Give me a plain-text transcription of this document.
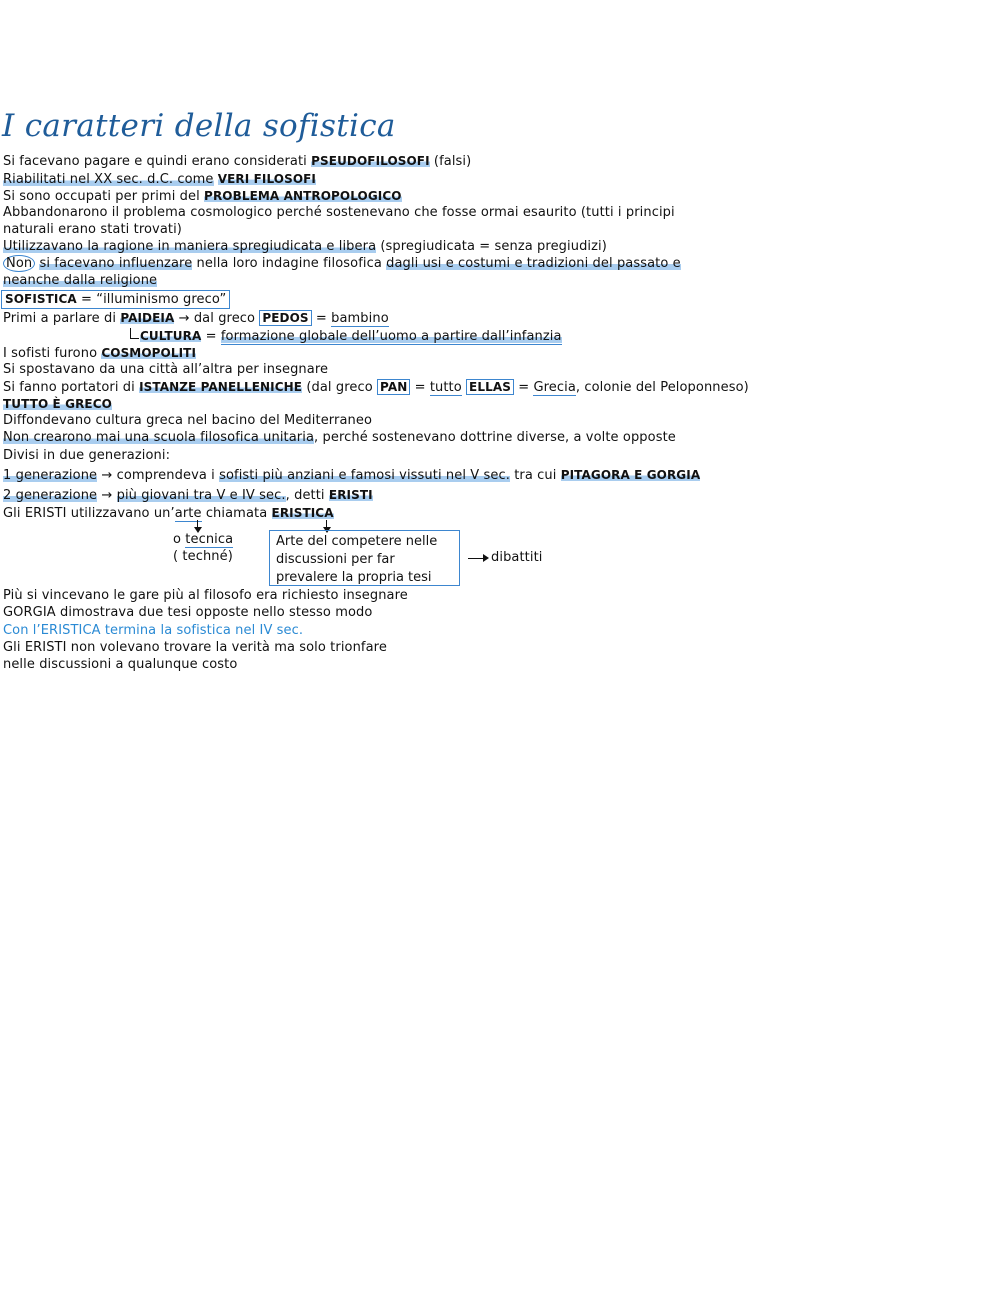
I caratteri della sofistica
Si facevano pagare e quindi erano considerati PSEUDOFILOSOFI (falsi)
Riabilitati nel XX sec. d.C. come VERI FILOSOFI
Si sono occupati per primi del PROBLEMA ANTROPOLOGICO
Abbandonarono il problema cosmologico perché sostenevano che fosse ormai esaurito (tutti i principi
naturali erano stati trovati)
Utilizzavano la ragione in maniera spregiudicata e libera (spregiudicata = senza pregiudizi)
Non si facevano influenzare nella loro indagine filosofica dagli usi e costumi e tradizioni del passato e
neanche dalla religione
SOFISTICA = “illuminismo greco”
Primi a parlare di PAIDEIA → dal greco PEDOS = bambino
CULTURA = formazione globale dell’uomo a partire dall’infanzia
I sofisti furono COSMOPOLITI
Si spostavano da una città all’altra per insegnare
Si fanno portatori di ISTANZE PANELLENICHE (dal greco PAN = tutto ELLAS = Grecia, colonie del Peloponneso)
TUTTO È GRECO
Diffondevano cultura greca nel bacino del Mediterraneo
Non crearono mai una scuola filosofica unitaria, perché sostenevano dottrine diverse, a volte opposte
Divisi in due generazioni:
1 generazione → comprendeva i sofisti più anziani e famosi vissuti nel V sec. tra cui PITAGORA E GORGIA
2 generazione → più giovani tra V e IV sec., detti ERISTI
Gli ERISTI utilizzavano un’arte chiamata ERISTICA
o tecnica
( techné)
Arte del competere nelle
discussioni per far
prevalere la propria tesi
dibattiti
Più si vincevano le gare più al filosofo era richiesto insegnare
GORGIA dimostrava due tesi opposte nello stesso modo
Con l’ERISTICA termina la sofistica nel IV sec.
Gli ERISTI non volevano trovare la verità ma solo trionfare
nelle discussioni a qualunque costo
